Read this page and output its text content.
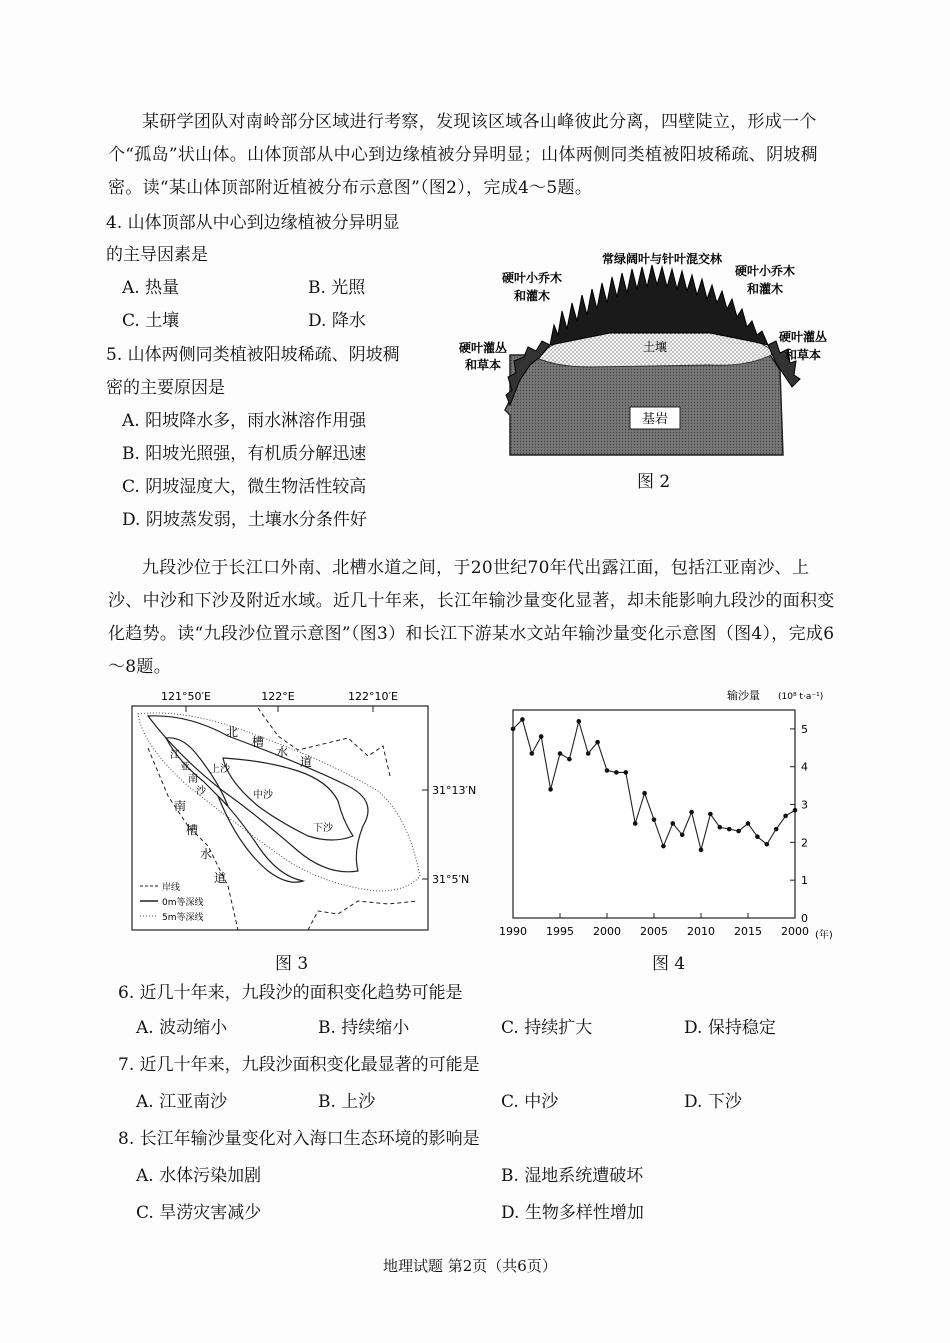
某研学团队对南岭部分区域进行考察，发现该区域各山峰彼此分离，四壁陡立，形成一个个“孤岛”状山体。山体顶部从中心到边缘植被分异明显；山体两侧同类植被阳坡稀疏、阴坡稠密。读“某山体顶部附近植被分布示意图”（图2），完成4～5题。
4. 山体顶部从中心到边缘植被分异明显
的主导因素是
A. 热量	B. 光照
C. 土壤	D. 降水
5. 山体两侧同类植被阳坡稀疏、阴坡稠
密的主要原因是
A. 阳坡降水多，雨水淋溶作用强
B. 阳坡光照强，有机质分解迅速
C. 阴坡湿度大，微生物活性较高
D. 阴坡蒸发弱，土壤水分条件好
基岩
土壤
常绿阔叶与针叶混交林
硬叶小乔木
和灌木
硬叶小乔木
和灌木
硬叶灌丛
和草本
硬叶灌丛
和草本
图 2
九段沙位于长江口外南、北槽水道之间，于20世纪70年代出露江面，包括江亚南沙、上沙、中沙和下沙及附近水域。近几十年来，长江年输沙量变化显著，却未能影响九段沙的面积变化趋势。读“九段沙位置示意图”（图3）和长江下游某水文站年输沙量变化示意图（图4），完成6～8题。
121°50′E	122°E	122°10′E
31°13′N
31°5′N
北
槽
水
道
江
亚
南
沙
上沙
中沙
下沙
南
槽
水
道
岸线
0m等深线
5m等深线
图 3
输沙量 (10⁸ t·a⁻¹)
(年)
1990 1995 2000 2005 2010 2015 2000
0
1
2
3
4
5
图 4
6. 近几十年来，九段沙的面积变化趋势可能是
A. 波动缩小	B. 持续缩小	C. 持续扩大	D. 保持稳定
7. 近几十年来，九段沙面积变化最显著的可能是
A. 江亚南沙	B. 上沙	C. 中沙	D. 下沙
8. 长江年输沙量变化对入海口生态环境的影响是
A. 水体污染加剧	B. 湿地系统遭破坏
C. 旱涝灾害减少	D. 生物多样性增加
地理试题 第2页（共6页）
